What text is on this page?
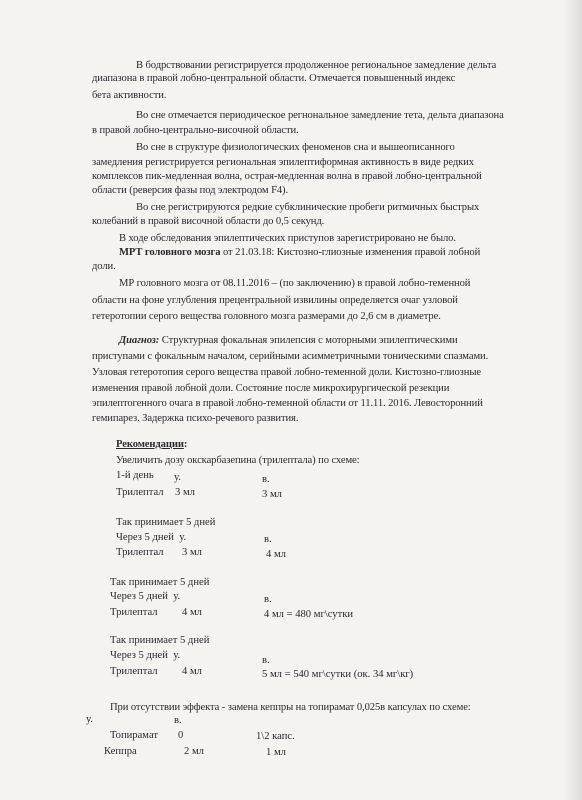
В бодрствовании регистрируется продолженное региональное замедление дельта
диапазона в правой лобно-центральной области. Отмечается повышенный индекс
бета активности.
Во сне отмечается периодическое регнональное замедление тета, дельта диапазона
в правой лобно-центрально-височной области.
Во сне в структуре физиологических феноменов сна и вышеописанного
замедления регистрируется региональная эпилептиформная активность в виде редких
комплексов пик-медленная волна, острая-медленная волна в правой лобно-центральной
области (реверсия фазы под электродом F4).
Во сне регистрируются редкие субклинические пробеги ритмичных быстрых
колебаний в правой височной области до 0,5 секунд.
В ходе обследования эпилептических приступов зарегистрировано не было.
МРТ головного мозга от 21.03.18: Кистозно-глиозные изменения правой лобной
доли.
МР головного мозга от 08.11.2016 – (по заключению) в правой лобно-теменной
области на фоне углубления прецентральной извилины определяется очаг узловой
гетеротопии серого вещества головного мозга размерами до 2,6 см в диаметре.
Диагноз: Структурная фокальная эпилепсия с моторными эпилептическими
приступами с фокальным началом, серийными асимметричными тоническими спазмами.
Узловая гетеротопия серого вещества правой лобно-теменной доли. Кистозно-глиозные
изменения правой лобной доли. Состояние после микрохирургической резекции
эпилептогенного очага в правой лобно-теменной области от 11.11. 2016. Левосторонний
гемипарез. Задержка психо-речевого развития.
Рекомендации:
Увеличить дозу окскарбазепина (трилептала) по схеме:
1-й день у.	в.
Трилептал 3 мл	3 мл
Так принимает 5 дней
Через 5 дней у.	в.
Трилептал 3 мл	4 мл
Так принимает 5 дней
Через 5 дней у.	в.
Трилептал 4 мл	4 мл = 480 мг\сутки
Так принимает 5 дней
Через 5 дней у.	в.
Трилептал 4 мл	5 мл = 540 мг\сутки (ок. 34 мг\кг)
При отсутствии эффекта - замена кеппры на топирамат 0,025в капсулах по схеме:
у.	в.
Топирамат 0	1\2 капс.
Кеппра	2 мл	1 мл
